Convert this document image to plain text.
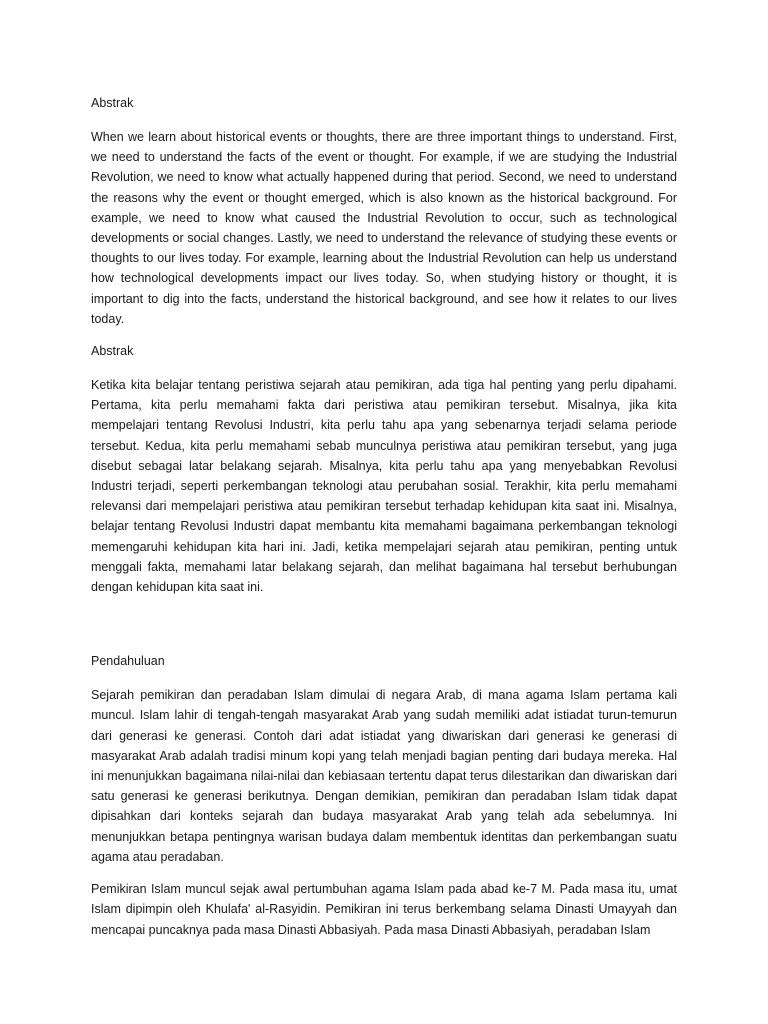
Abstrak

When we learn about historical events or thoughts, there are three important things to understand. First, we need to understand the facts of the event or thought. For example, if we are studying the Industrial Revolution, we need to know what actually happened during that period. Second, we need to understand the reasons why the event or thought emerged, which is also known as the historical background. For example, we need to know what caused the Industrial Revolution to occur, such as technological developments or social changes. Lastly, we need to understand the relevance of studying these events or thoughts to our lives today. For example, learning about the Industrial Revolution can help us understand how technological developments impact our lives today. So, when studying history or thought, it is important to dig into the facts, understand the historical background, and see how it relates to our lives today.

Abstrak

Ketika kita belajar tentang peristiwa sejarah atau pemikiran, ada tiga hal penting yang perlu dipahami. Pertama, kita perlu memahami fakta dari peristiwa atau pemikiran tersebut. Misalnya, jika kita mempelajari tentang Revolusi Industri, kita perlu tahu apa yang sebenarnya terjadi selama periode tersebut. Kedua, kita perlu memahami sebab munculnya peristiwa atau pemikiran tersebut, yang juga disebut sebagai latar belakang sejarah. Misalnya, kita perlu tahu apa yang menyebabkan Revolusi Industri terjadi, seperti perkembangan teknologi atau perubahan sosial. Terakhir, kita perlu memahami relevansi dari mempelajari peristiwa atau pemikiran tersebut terhadap kehidupan kita saat ini. Misalnya, belajar tentang Revolusi Industri dapat membantu kita memahami bagaimana perkembangan teknologi memengaruhi kehidupan kita hari ini. Jadi, ketika mempelajari sejarah atau pemikiran, penting untuk menggali fakta, memahami latar belakang sejarah, dan melihat bagaimana hal tersebut berhubungan dengan kehidupan kita saat ini.

Pendahuluan

Sejarah pemikiran dan peradaban Islam dimulai di negara Arab, di mana agama Islam pertama kali muncul. Islam lahir di tengah-tengah masyarakat Arab yang sudah memiliki adat istiadat turun-temurun dari generasi ke generasi. Contoh dari adat istiadat yang diwariskan dari generasi ke generasi di masyarakat Arab adalah tradisi minum kopi yang telah menjadi bagian penting dari budaya mereka. Hal ini menunjukkan bagaimana nilai-nilai dan kebiasaan tertentu dapat terus dilestarikan dan diwariskan dari satu generasi ke generasi berikutnya. Dengan demikian, pemikiran dan peradaban Islam tidak dapat dipisahkan dari konteks sejarah dan budaya masyarakat Arab yang telah ada sebelumnya. Ini menunjukkan betapa pentingnya warisan budaya dalam membentuk identitas dan perkembangan suatu agama atau peradaban.

Pemikiran Islam muncul sejak awal pertumbuhan agama Islam pada abad ke-7 M. Pada masa itu, umat Islam dipimpin oleh Khulafa' al-Rasyidin. Pemikiran ini terus berkembang selama Dinasti Umayyah dan mencapai puncaknya pada masa Dinasti Abbasiyah. Pada masa Dinasti Abbasiyah, peradaban Islam
